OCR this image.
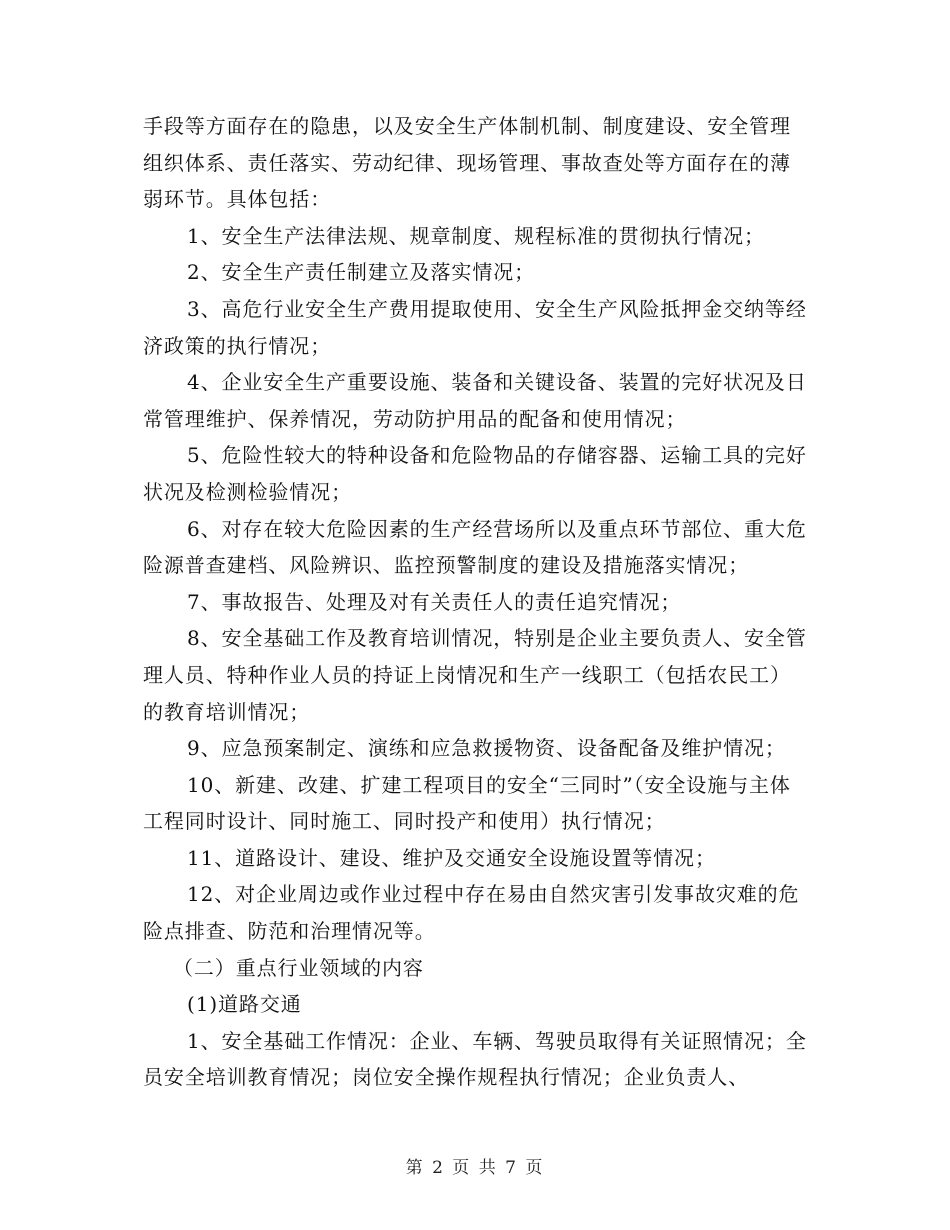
手段等方面存在的隐患，以及安全生产体制机制、制度建设、安全管理组织体系、责任落实、劳动纪律、现场管理、事故查处等方面存在的薄弱环节。具体包括：

1、安全生产法律法规、规章制度、规程标准的贯彻执行情况；

2、安全生产责任制建立及落实情况；

3、高危行业安全生产费用提取使用、安全生产风险抵押金交纳等经济政策的执行情况；

4、企业安全生产重要设施、装备和关键设备、装置的完好状况及日常管理维护、保养情况，劳动防护用品的配备和使用情况；

5、危险性较大的特种设备和危险物品的存储容器、运输工具的完好状况及检测检验情况；

6、对存在较大危险因素的生产经营场所以及重点环节部位、重大危险源普查建档、风险辨识、监控预警制度的建设及措施落实情况；

7、事故报告、处理及对有关责任人的责任追究情况；

8、安全基础工作及教育培训情况，特别是企业主要负责人、安全管理人员、特种作业人员的持证上岗情况和生产一线职工（包括农民工）的教育培训情况；

9、应急预案制定、演练和应急救援物资、设备配备及维护情况；

10、新建、改建、扩建工程项目的安全“三同时”（安全设施与主体工程同时设计、同时施工、同时投产和使用）执行情况；

11、道路设计、建设、维护及交通安全设施设置等情况；

12、对企业周边或作业过程中存在易由自然灾害引发事故灾难的危险点排查、防范和治理情况等。

（二）重点行业领域的内容

(1)道路交通

1、安全基础工作情况：企业、车辆、驾驶员取得有关证照情况；全员安全培训教育情况；岗位安全操作规程执行情况；企业负责人、

第 2 页 共 7 页
